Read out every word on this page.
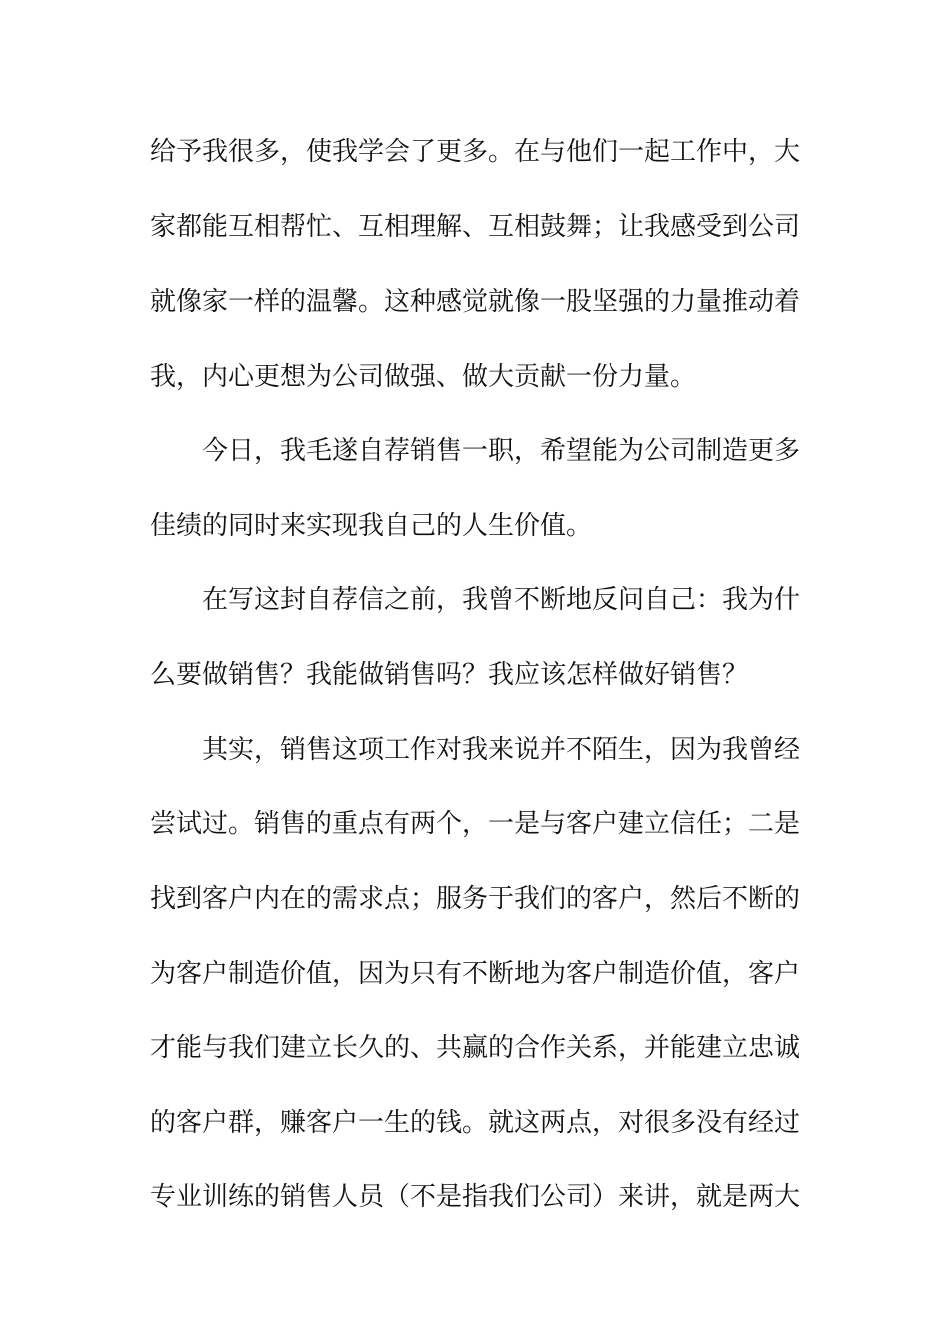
给予我很多，使我学会了更多。在与他们一起工作中，大
家都能互相帮忙、互相理解、互相鼓舞；让我感受到公司
就像家一样的温馨。这种感觉就像一股坚强的力量推动着
我，内心更想为公司做强、做大贡献一份力量。
今日，我毛遂自荐销售一职，希望能为公司制造更多
佳绩的同时来实现我自己的人生价值。
在写这封自荐信之前，我曾不断地反问自己：我为什
么要做销售？我能做销售吗？我应该怎样做好销售？
其实，销售这项工作对我来说并不陌生，因为我曾经
尝试过。销售的重点有两个，一是与客户建立信任；二是
找到客户内在的需求点；服务于我们的客户，然后不断的
为客户制造价值，因为只有不断地为客户制造价值，客户
才能与我们建立长久的、共赢的合作关系，并能建立忠诚
的客户群，赚客户一生的钱。就这两点，对很多没有经过
专业训练的销售人员（不是指我们公司）来讲，就是两大
